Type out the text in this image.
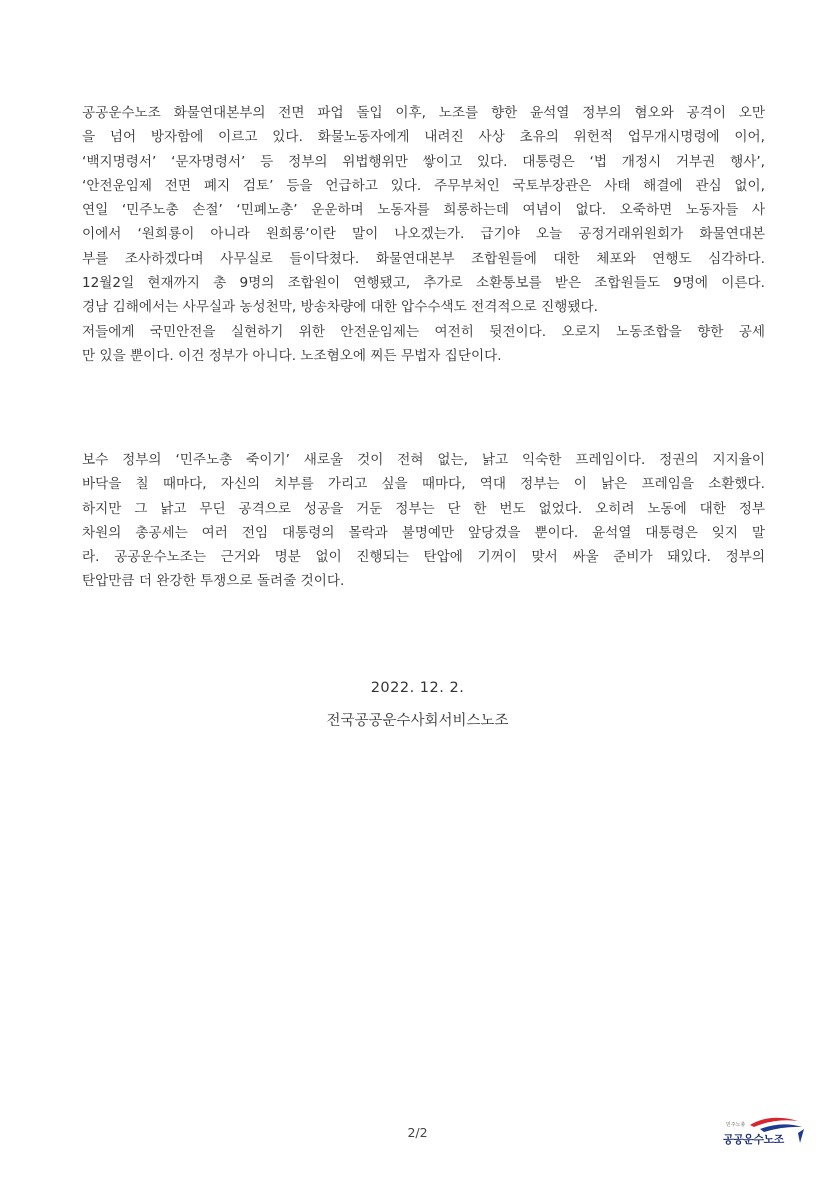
공공운수노조 화물연대본부의 전면 파업 돌입 이후, 노조를 향한 윤석열 정부의 혐오와 공격이 오만
을 넘어 방자함에 이르고 있다. 화물노동자에게 내려진 사상 초유의 위헌적 업무개시명령에 이어,
‘백지명령서’ ‘문자명령서’ 등 정부의 위법행위만 쌓이고 있다. 대통령은 ‘법 개정시 거부권 행사’,
‘안전운임제 전면 폐지 검토’ 등을 언급하고 있다. 주무부처인 국토부장관은 사태 해결에 관심 없이,
연일 ‘민주노총 손절’ ‘민폐노총’ 운운하며 노동자를 희롱하는데 여념이 없다. 오죽하면 노동자들 사
이에서 ‘원희룡이 아니라 원희롱’이란 말이 나오겠는가. 급기야 오늘 공정거래위원회가 화물연대본
부를 조사하겠다며 사무실로 들이닥쳤다. 화물연대본부 조합원들에 대한 체포와 연행도 심각하다.
12월2일 현재까지 총 9명의 조합원이 연행됐고, 추가로 소환통보를 받은 조합원들도 9명에 이른다.
경남 김해에서는 사무실과 농성천막, 방송차량에 대한 압수수색도 전격적으로 진행됐다.
저들에게 국민안전을 실현하기 위한 안전운임제는 여전히 뒷전이다. 오로지 노동조합을 향한 공세
만 있을 뿐이다. 이건 정부가 아니다. 노조혐오에 찌든 무법자 집단이다.
보수 정부의 ‘민주노총 죽이기’ 새로울 것이 전혀 없는, 낡고 익숙한 프레임이다. 정권의 지지율이
바닥을 칠 때마다, 자신의 치부를 가리고 싶을 때마다, 역대 정부는 이 낡은 프레임을 소환했다.
하지만 그 낡고 무딘 공격으로 성공을 거둔 정부는 단 한 번도 없었다. 오히려 노동에 대한 정부
차원의 총공세는 여러 전임 대통령의 몰락과 불명예만 앞당겼을 뿐이다. 윤석열 대통령은 잊지 말
라. 공공운수노조는 근거와 명분 없이 진행되는 탄압에 기꺼이 맞서 싸울 준비가 돼있다. 정부의
탄압만큼 더 완강한 투쟁으로 돌려줄 것이다.
2022. 12. 2.
전국공공운수사회서비스노조
2/2	민주노총
공공운수노조
